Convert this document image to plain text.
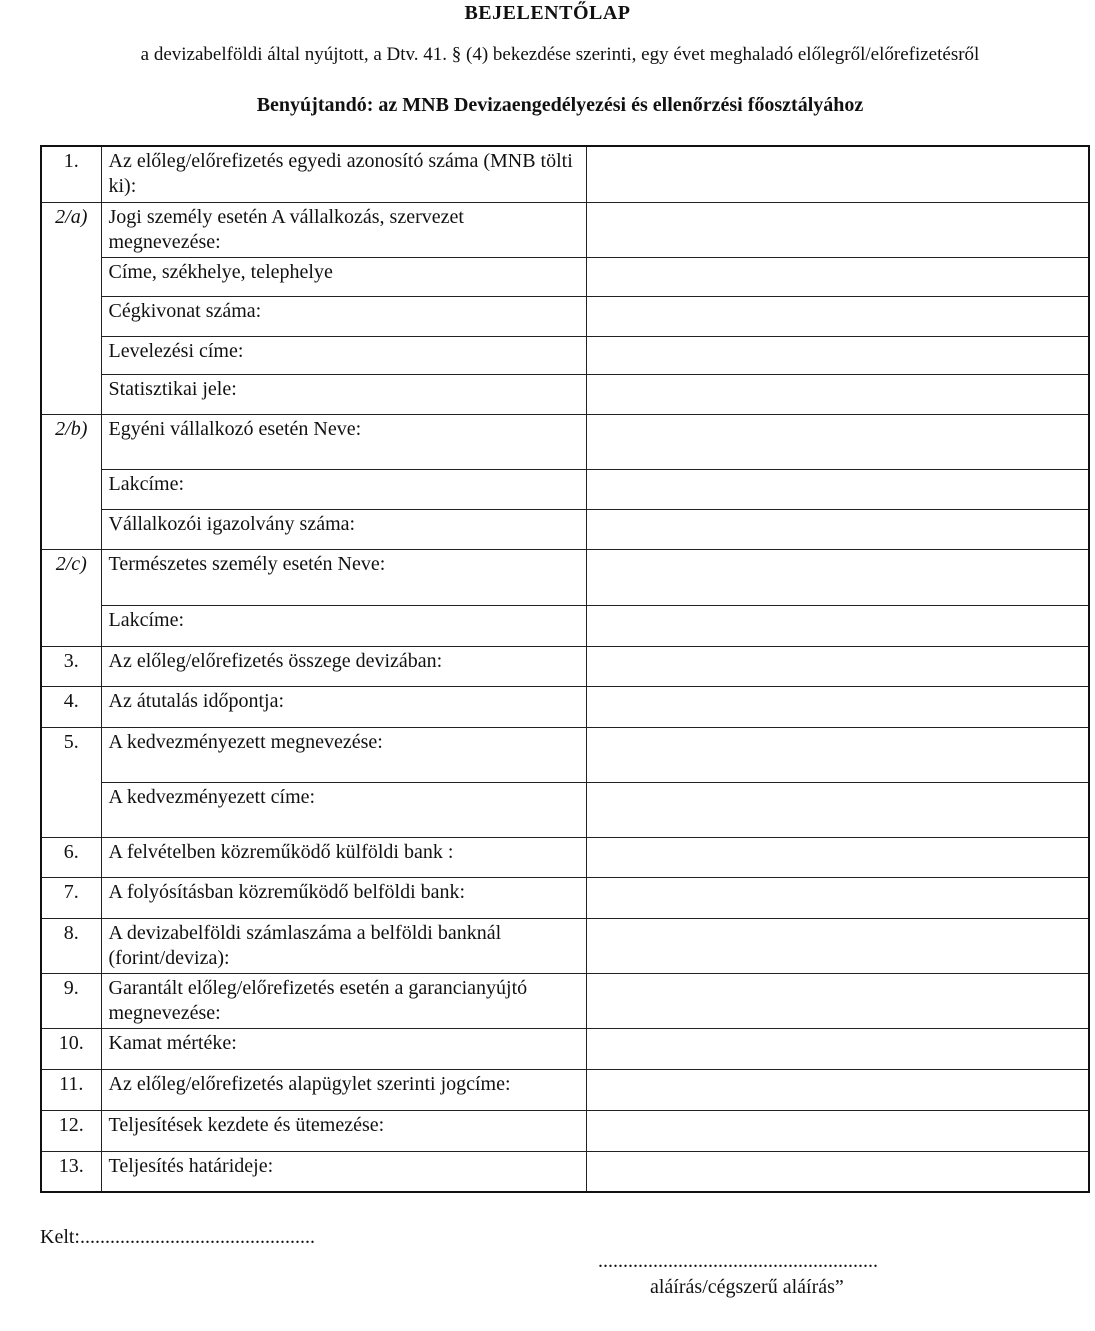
BEJELENTŐLAP
a devizabelföldi által nyújtott, a Dtv. 41. § (4) bekezdése szerinti, egy évet meghaladó előlegről/előrefizetésről
Benyújtandó: az MNB Devizaengedélyezési és ellenőrzési főosztályához
1.	Az előleg/előrefizetés egyedi azonosító száma (MNB tölti ki):	
2/a)	Jogi személy esetén A vállalkozás, szervezet megnevezése:	
	Címe, székhelye, telephelye	
	Cégkivonat száma:	
	Levelezési címe:	
	Statisztikai jele:	
2/b)	Egyéni vállalkozó esetén Neve:	
	Lakcíme:	
	Vállalkozói igazolvány száma:	
2/c)	Természetes személy esetén Neve:	
	Lakcíme:	
3.	Az előleg/előrefizetés összege devizában:	
4.	Az átutalás időpontja:	
5.	A kedvezményezett megnevezése:	
	A kedvezményezett címe:	
6.	A felvételben közreműködő külföldi bank :	
7.	A folyósításban közreműködő belföldi bank:	
8.	A devizabelföldi számlaszáma a belföldi banknál (forint/deviza):	
9.	Garantált előleg/előrefizetés esetén a garancianyújtó megnevezése:	
10.	Kamat mértéke:	
11.	Az előleg/előrefizetés alapügylet szerinti jogcíme:	
12.	Teljesítések kezdete és ütemezése:	
13.	Teljesítés határideje:	
Kelt:...............................................
........................................................
aláírás/cégszerű aláírás”
